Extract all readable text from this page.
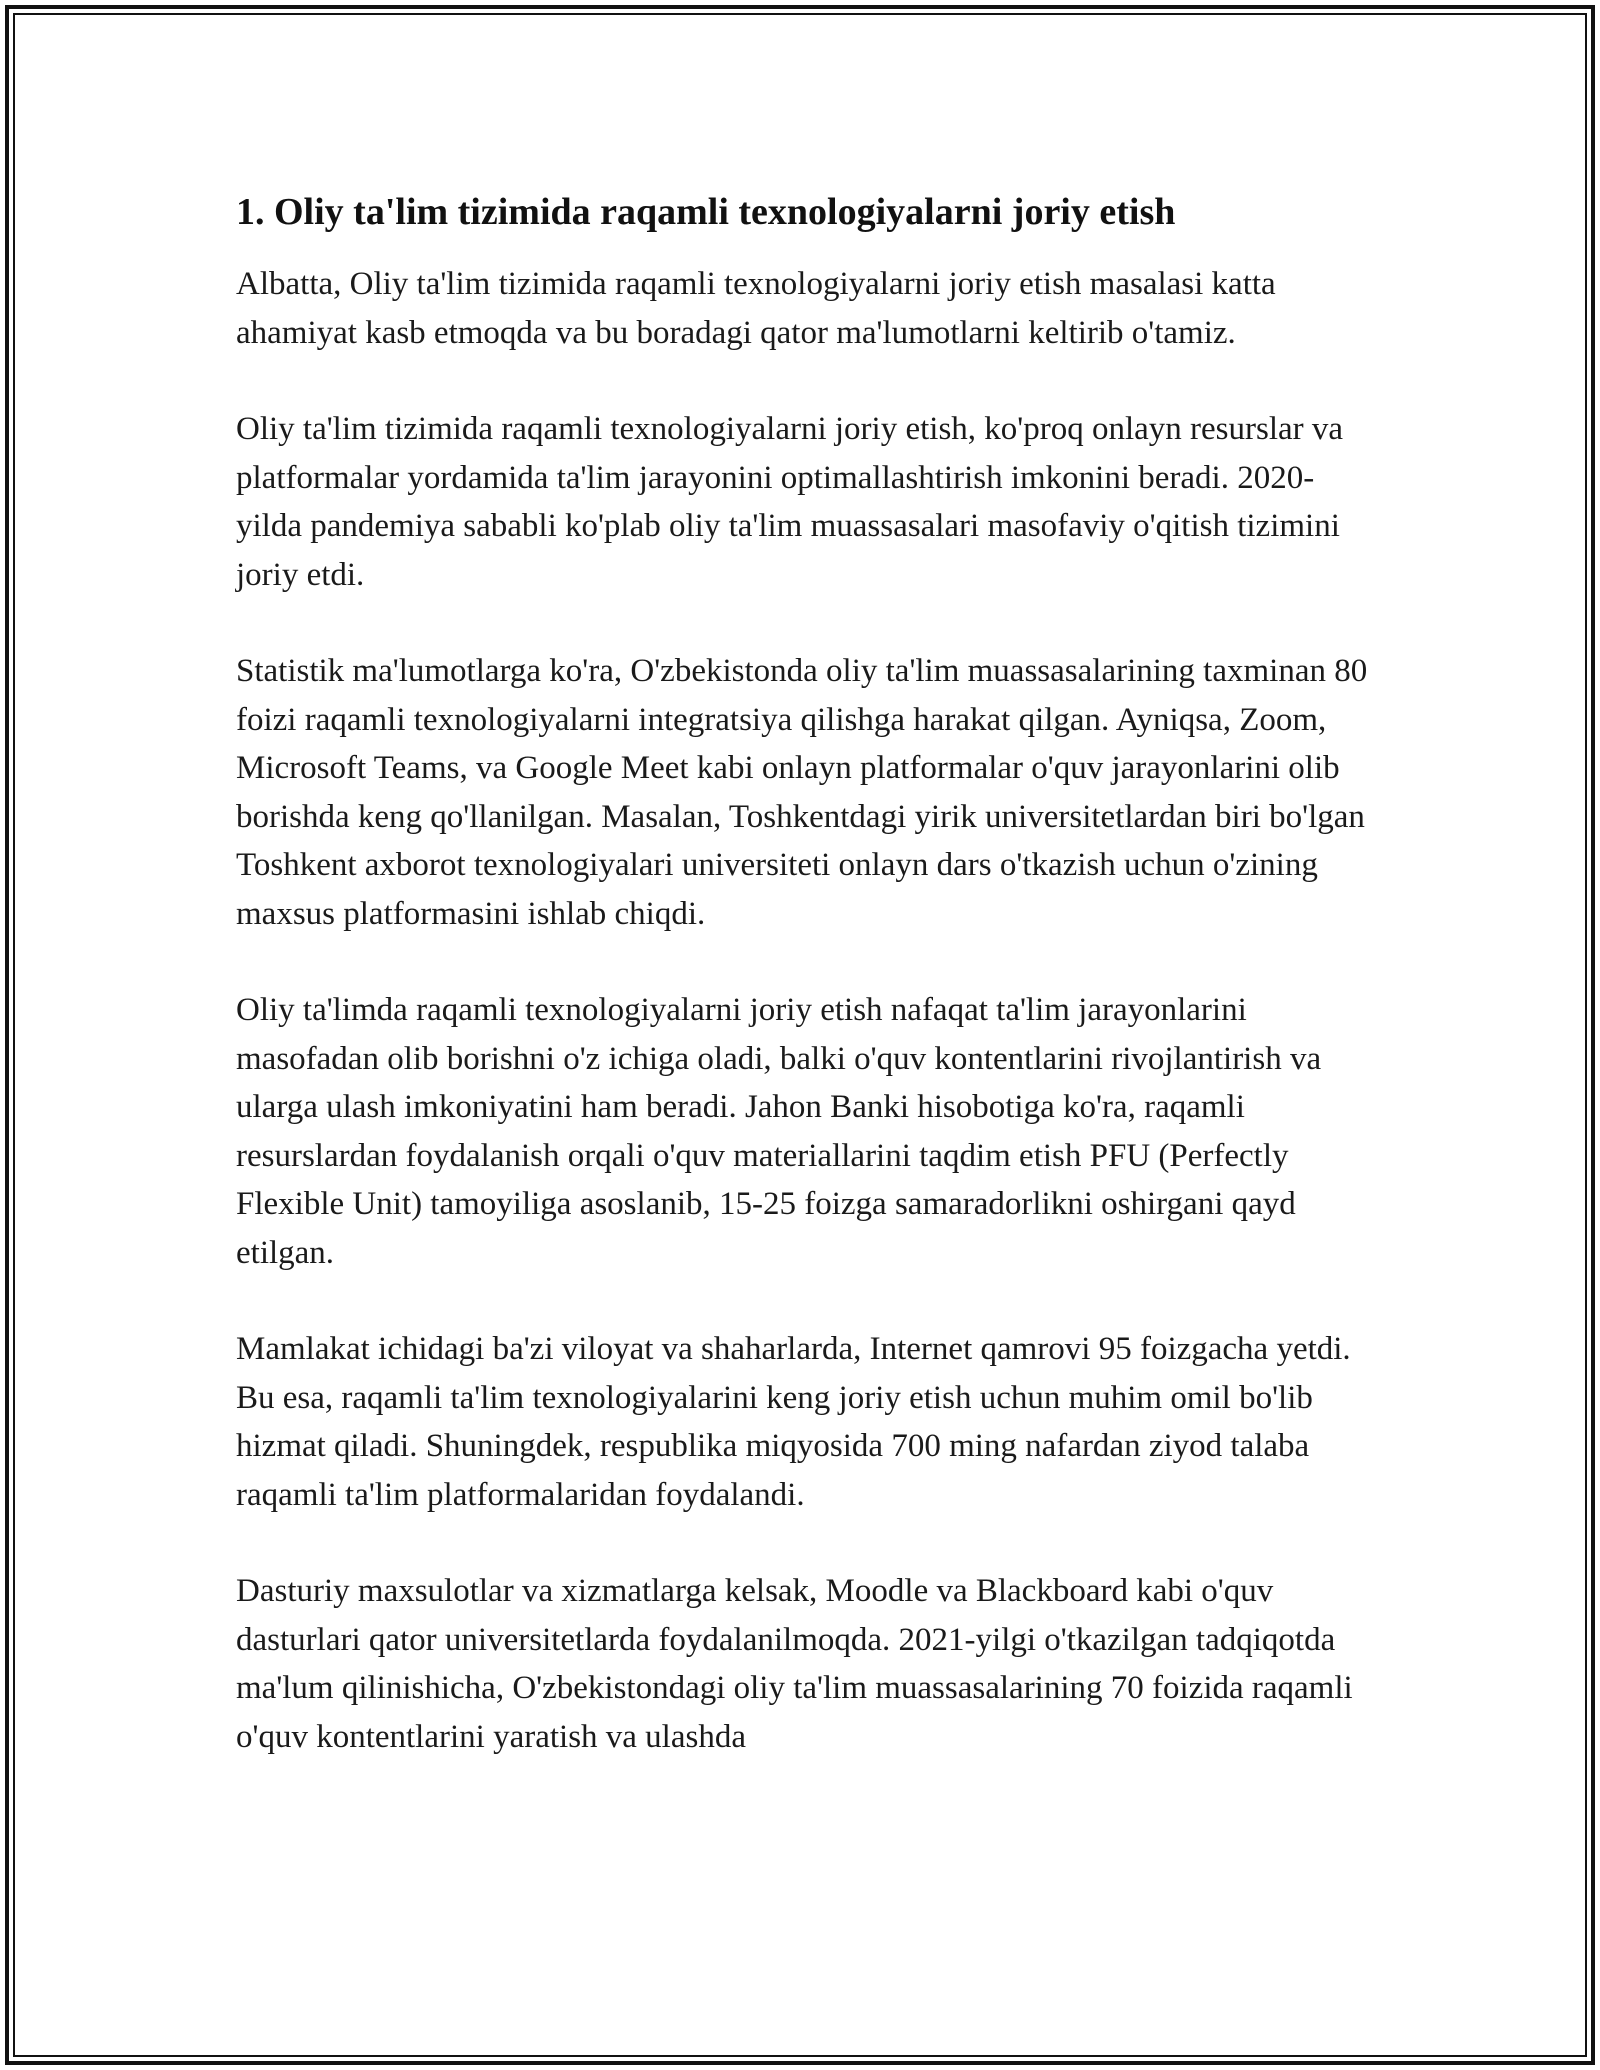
1. Oliy ta'lim tizimida raqamli texnologiyalarni joriy etish

Albatta, Oliy ta'lim tizimida raqamli texnologiyalarni joriy etish masalasi katta ahamiyat kasb etmoqda va bu boradagi qator ma'lumotlarni keltirib o'tamiz.

Oliy ta'lim tizimida raqamli texnologiyalarni joriy etish, ko'proq onlayn resurslar va platformalar yordamida ta'lim jarayonini optimallashtirish imkonini beradi. 2020-yilda pandemiya sababli ko'plab oliy ta'lim muassasalari masofaviy o'qitish tizimini joriy etdi.

Statistik ma'lumotlarga ko'ra, O'zbekistonda oliy ta'lim muassasalarining taxminan 80 foizi raqamli texnologiyalarni integratsiya qilishga harakat qilgan. Ayniqsa, Zoom, Microsoft Teams, va Google Meet kabi onlayn platformalar o'quv jarayonlarini olib borishda keng qo'llanilgan. Masalan, Toshkentdagi yirik universitetlardan biri bo'lgan Toshkent axborot texnologiyalari universiteti onlayn dars o'tkazish uchun o'zining maxsus platformasini ishlab chiqdi.

Oliy ta'limda raqamli texnologiyalarni joriy etish nafaqat ta'lim jarayonlarini masofadan olib borishni o'z ichiga oladi, balki o'quv kontentlarini rivojlantirish va ularga ulash imkoniyatini ham beradi. Jahon Banki hisobotiga ko'ra, raqamli resurslardan foydalanish orqali o'quv materiallarini taqdim etish PFU (Perfectly Flexible Unit) tamoyiliga asoslanib, 15-25 foizga samaradorlikni oshirgani qayd etilgan.

Mamlakat ichidagi ba'zi viloyat va shaharlarda, Internet qamrovi 95 foizgacha yetdi. Bu esa, raqamli ta'lim texnologiyalarini keng joriy etish uchun muhim omil bo'lib hizmat qiladi. Shuningdek, respublika miqyosida 700 ming nafardan ziyod talaba raqamli ta'lim platformalaridan foydalandi.

Dasturiy maxsulotlar va xizmatlarga kelsak, Moodle va Blackboard kabi o'quv dasturlari qator universitetlarda foydalanilmoqda. 2021-yilgi o'tkazilgan tadqiqotda ma'lum qilinishicha, O'zbekistondagi oliy ta'lim muassasalarining 70 foizida raqamli o'quv kontentlarini yaratish va ulashda
